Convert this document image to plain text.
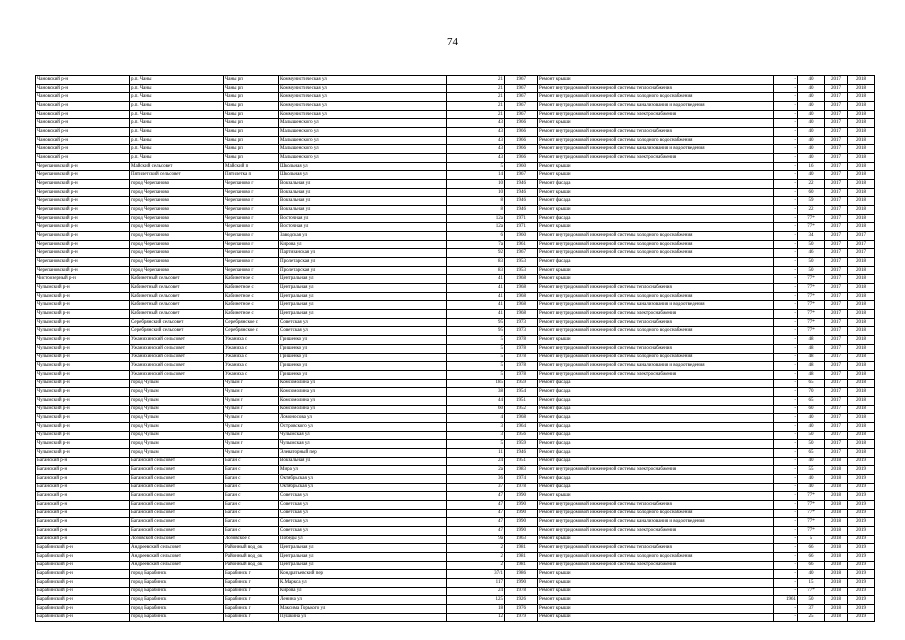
74
Чановский р-н	р.п. Чаны	Чаны рп	Коммунистическая ул	21	1967	Ремонт крыши	-	40	2017	2018
Чановский р-н	р.п. Чаны	Чаны рп	Коммунистическая ул	21	1967	Ремонт внутридомовой инженерной системы теплоснабжения	-	40	2017	2018
Чановский р-н	р.п. Чаны	Чаны рп	Коммунистическая ул	21	1967	Ремонт внутридомовой инженерной системы холодного водоснабжения	-	40	2017	2018
Чановский р-н	р.п. Чаны	Чаны рп	Коммунистическая ул	21	1967	Ремонт внутридомовой инженерной системы канализования и водоотведения	-	40	2017	2018
Чановский р-н	р.п. Чаны	Чаны рп	Коммунистическая ул	21	1967	Ремонт внутридомовой инженерной системы электроснабжения	-	40	2017	2018
Чановский р-н	р.п. Чаны	Чаны рп	Малышенского ул	43	1966	Ремонт крыши	-	40	2017	2018
Чановский р-н	р.п. Чаны	Чаны рп	Малышенского ул	43	1966	Ремонт внутридомовой инженерной системы теплоснабжения	-	40	2017	2018
Чановский р-н	р.п. Чаны	Чаны рп	Малышенского ул	43	1966	Ремонт внутридомовой инженерной системы холодного водоснабжения	-	40	2017	2018
Чановский р-н	р.п. Чаны	Чаны рп	Малышенского ул	43	1966	Ремонт внутридомовой инженерной системы канализования и водоотведения	-	40	2017	2018
Чановский р-н	р.п. Чаны	Чаны рп	Малышенского ул	43	1966	Ремонт внутридомовой инженерной системы электроснабжения	-	40	2017	2018
Черепановский р-н	Майский сельсовет	Майский п	Школьная ул	5	1960	Ремонт крыши	-	16	2017	2018
Черепановский р-н	Пятилетский сельсовет	Пятилетка п	Школьная ул	14	1967	Ремонт крыши	-	40	2017	2018
Черепановский р-н	город Черепаново	Черепаново г	Вокзальная ул	10	1946	Ремонт фасада	-	22	2017	2018
Черепановский р-н	город Черепаново	Черепаново г	Вокзальная ул	10	1946	Ремонт крыши	-	60	2017	2018
Черепановский р-н	город Черепаново	Черепаново г	Вокзальная ул	8	1946	Ремонт фасада	-	59	2017	2018
Черепановский р-н	город Черепаново	Черепаново г	Вокзальная ул	8	1946	Ремонт крыши	-	22	2017	2018
Черепановский р-н	город Черепаново	Черепаново г	Восточная ул	12а	1971	Ремонт фасада	-	77*	2017	2018
Черепановский р-н	город Черепаново	Черепаново г	Восточная ул	12а	1971	Ремонт крыши	-	77*	2017	2018
Черепановский р-н	город Черепаново	Черепаново г	Заводская ул	6	1960	Ремонт внутридомовой инженерной системы холодного водоснабжения	-	34	2017	2017
Черепановский р-н	город Черепаново	Черепаново г	Кирова ул	7а	1961	Ремонт внутридомовой инженерной системы холодного водоснабжения	-	50	2017	2017
Черепановский р-н	город Черепаново	Черепаново г	Партизанская ул	92	1967	Ремонт внутридомовой инженерной системы холодного водоснабжения	-	46	2017	2017
Черепановский р-н	город Черепаново	Черепаново г	Пролетарская ул	83	1953	Ремонт фасада	-	50	2017	2018
Черепановский р-н	город Черепаново	Черепаново г	Пролетарская ул	83	1953	Ремонт крыши	-	50	2017	2018
Чистоозерный р-н	Кабинетный сельсовет	Кабинетное с	Центральная ул	41	1968	Ремонт крыши	-	77*	2017	2018
Чулымский р-н	Кабинетный сельсовет	Кабинетное с	Центральная ул	41	1968	Ремонт внутридомовой инженерной системы теплоснабжения	-	77*	2017	2018
Чулымский р-н	Кабинетный сельсовет	Кабинетное с	Центральная ул	41	1968	Ремонт внутридомовой инженерной системы холодного водоснабжения	-	77*	2017	2018
Чулымский р-н	Кабинетный сельсовет	Кабинетное с	Центральная ул	41	1968	Ремонт внутридомовой инженерной системы канализования и водоотведения	-	77*	2017	2018
Чулымский р-н	Кабинетный сельсовет	Кабинетное с	Центральная ул	41	1968	Ремонт внутридомовой инженерной системы электроснабжения	-	77*	2017	2018
Чулымский р-н	Серебрянский сельсовет	Серебрянское с	Советская ул	95	1973	Ремонт внутридомовой инженерной системы теплоснабжения	-	77*	2017	2018
Чулымский р-н	Серебрянский сельсовет	Серебрянское с	Советская ул	95	1973	Ремонт внутридомовой инженерной системы холодного водоснабжения	-	77*	2017	2018
Чулымский р-н	Ужанихинский сельсовет	Ужаниха с	Гришенко ул	5	1978	Ремонт крыши	-	48	2017	2018
Чулымский р-н	Ужанихинский сельсовет	Ужаниха с	Гришенко ул	5	1978	Ремонт внутридомовой инженерной системы теплоснабжения	-	48	2017	2018
Чулымский р-н	Ужанихинский сельсовет	Ужаниха с	Гришенко ул	5	1978	Ремонт внутридомовой инженерной системы холодного водоснабжения	-	48	2017	2018
Чулымский р-н	Ужанихинский сельсовет	Ужаниха с	Гришенко ул	5	1978	Ремонт внутридомовой инженерной системы канализования и водоотведения	-	48	2017	2018
Чулымский р-н	Ужанихинский сельсовет	Ужаниха с	Гришенко ул	5	1978	Ремонт внутридомовой инженерной системы электроснабжения	-	48	2017	2018
Чулымский р-н	город Чулым	Чулым г	Комсомолина ул	185	1959	Ремонт фасада	-	65	2017	2018
Чулымский р-н	город Чулым	Чулым г	Комсомолина ул	38	1954	Ремонт фасада	-	70	2017	2018
Чулымский р-н	город Чулым	Чулым г	Комсомолина ул	44	1951	Ремонт фасада	-	65	2017	2018
Чулымский р-н	город Чулым	Чулым г	Комсомолина ул	60	1952	Ремонт фасада	-	60	2017	2018
Чулымский р-н	город Чулым	Чулым г	Ломоносова ул	4	1968	Ремонт фасада	-	40	2017	2018
Чулымский р-н	город Чулым	Чулым г	Островского ул	3	1964	Ремонт фасада	-	40	2017	2018
Чулымский р-н	город Чулым	Чулым г	Чулымская ул	3	1956	Ремонт фасада	-	50	2017	2018
Чулымский р-н	город Чулым	Чулым г	Чулымская ул	5	1959	Ремонт фасада	-	50	2017	2018
Чулымский р-н	город Чулым	Чулым г	Элеваторный пер	11	1946	Ремонт фасада	-	65	2017	2018
Баганский р-н	Баганский сельсовет	Баган с	Вокзальная ул	24	1951	Ремонт фасада	-	40	2018	2019
Баганский р-н	Баганский сельсовет	Баган с	Мира ул	2а	1983	Ремонт внутридомовой инженерной системы электроснабжения	-	55	2018	2019
Баганский р-н	Баганский сельсовет	Баган с	Октябрьская ул	36	1974	Ремонт фасада	-	40	2018	2019
Баганский р-н	Баганский сельсовет	Баган с	Октябрьская ул	37	1978	Ремонт фасада	-	40	2018	2019
Баганский р-н	Баганский сельсовет	Баган с	Советская ул	47	1990	Ремонт крыши	-	77*	2018	2019
Баганский р-н	Баганский сельсовет	Баган с	Советская ул	47	1990	Ремонт внутридомовой инженерной системы теплоснабжения	-	77*	2018	2019
Баганский р-н	Баганский сельсовет	Баган с	Советская ул	47	1990	Ремонт внутридомовой инженерной системы холодного водоснабжения	-	77*	2018	2019
Баганский р-н	Баганский сельсовет	Баган с	Советская ул	47	1990	Ремонт внутридомовой инженерной системы канализования и водоотведения	-	77*	2018	2019
Баганский р-н	Баганский сельсовет	Баган с	Советская ул	47	1990	Ремонт внутридомовой инженерной системы электроснабжения	-	77*	2018	2019
Баганский р-н	Лозовской сельсовет	Лозовское с	Победы ул	9а	1963	Ремонт крыши	-	5	2018	2019
Барабинский р-н	Андреевский сельсовет	Районный вод_ок	Центральная ул	2	1981	Ремонт внутридомовой инженерной системы теплоснабжения	-	66	2018	2019
Барабинский р-н	Андреевский сельсовет	Районный вод_ок	Центральная ул	2	1981	Ремонт внутридомовой инженерной системы холодного водоснабжения	-	66	2018	2019
Барабинский р-н	Андреевский сельсовет	Районный вод_ок	Центральная ул	2	1981	Ремонт внутридомовой инженерной системы электроснабжения	-	66	2018	2019
Барабинский р-н	город Барабинск	Барабинск г	Кондратьевский пер	37/1	1986	Ремонт крыши	-	40	2018	2019
Барабинский р-н	город Барабинск	Барабинск г	К.Маркса ул	117	1990	Ремонт крыши	-	15	2018	2019
Барабинский р-н	город Барабинск	Барабинск г	Кирова ул	24	1978	Ремонт крыши	-	77*	2018	2019
Барабинский р-н	город Барабинск	Барабинск г	Ленина ул	125	1926	Ремонт крыши	1961	50	2018	2019
Барабинский р-н	город Барабинск	Барабинск г	Максима Горького ул	18	1976	Ремонт крыши	-	37	2018	2019
Барабинский р-н	город Барабинск	Барабинск г	Пушкина ул	12	1979	Ремонт крыши	-	25	2018	2019
